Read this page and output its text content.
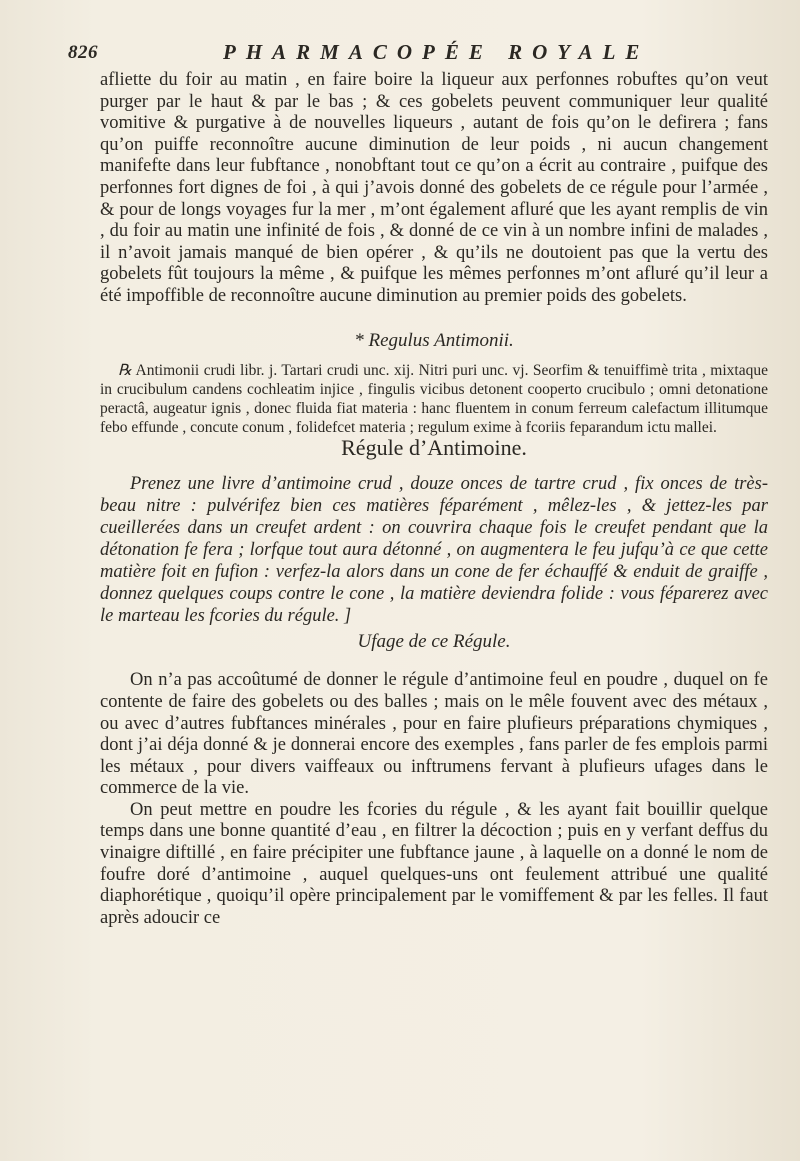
826	PHARMACOPÉE ROYALE

afliette du foir au matin , en faire boire la liqueur aux perfonnes robuftes qu’on veut purger par le haut & par le bas ; & ces gobelets peuvent communiquer leur qualité vomitive & purgative à de nouvelles liqueurs , autant de fois qu’on le defirera ; fans qu’on puiffe reconnoître aucune diminution de leur poids , ni aucun changement manifefte dans leur fubftance , nonobftant tout ce qu’on a écrit au contraire , puifque des perfonnes fort dignes de foi , à qui j’avois donné des gobelets de ce régule pour l’armée , & pour de longs voyages fur la mer , m’ont également afluré que les ayant remplis de vin , du foir au matin une infinité de fois , & donné de ce vin à un nombre infini de malades , il n’avoit jamais manqué de bien opérer , & qu’ils ne doutoient pas que la vertu des gobelets fût toujours la même , & puifque les mêmes perfonnes m’ont afluré qu’il leur a été impoffible de reconnoître aucune diminution au premier poids des gobelets.

* Regulus Antimonii.

℞ Antimonii crudi libr. j. Tartari crudi unc. xij. Nitri puri unc. vj. Seorfim & tenuiffimè trita , mixtaque in crucibulum candens cochleatim injice , fingulis vicibus detonent cooperto crucibulo ; omni detonatione peractâ, augeatur ignis , donec fluida fiat materia : hanc fluentem in conum ferreum calefactum illitumque febo effunde , concute conum , folidefcet materia ; regulum exime à fcoriis feparandum ictu mallei.

Régule d’Antimoine.

Prenez une livre d’antimoine crud , douze onces de tartre crud , fix onces de très-beau nitre : pulvérifez bien ces matières féparément , mêlez-les , & jettez-les par cueillerées dans un creufet ardent : on couvrira chaque fois le creufet pendant que la détonation fe fera ; lorfque tout aura détonné , on augmentera le feu jufqu’à ce que cette matière foit en fufion : verfez-la alors dans un cone de fer échauffé & enduit de graiffe , donnez quelques coups contre le cone , la matière deviendra folide : vous féparerez avec le marteau les fcories du régule. ]

Ufage de ce Régule.

On n’a pas accoûtumé de donner le régule d’antimoine feul en poudre , duquel on fe contente de faire des gobelets ou des balles ; mais on le mêle fouvent avec des métaux , ou avec d’autres fubftances minérales , pour en faire plufieurs préparations chymiques , dont j’ai déja donné & je donnerai encore des exemples , fans parler de fes emplois parmi les métaux , pour divers vaiffeaux ou inftrumens fervant à plufieurs ufages dans le commerce de la vie.

On peut mettre en poudre les fcories du régule , & les ayant fait bouillir quelque temps dans une bonne quantité d’eau , en filtrer la décoction ; puis en y verfant deffus du vinaigre diftillé , en faire précipiter une fubftance jaune , à laquelle on a donné le nom de foufre doré d’antimoine , auquel quelques-uns ont feulement attribué une qualité diaphorétique , quoiqu’il opère principalement par le vomiffement & par les felles. Il faut après adoucir ce
